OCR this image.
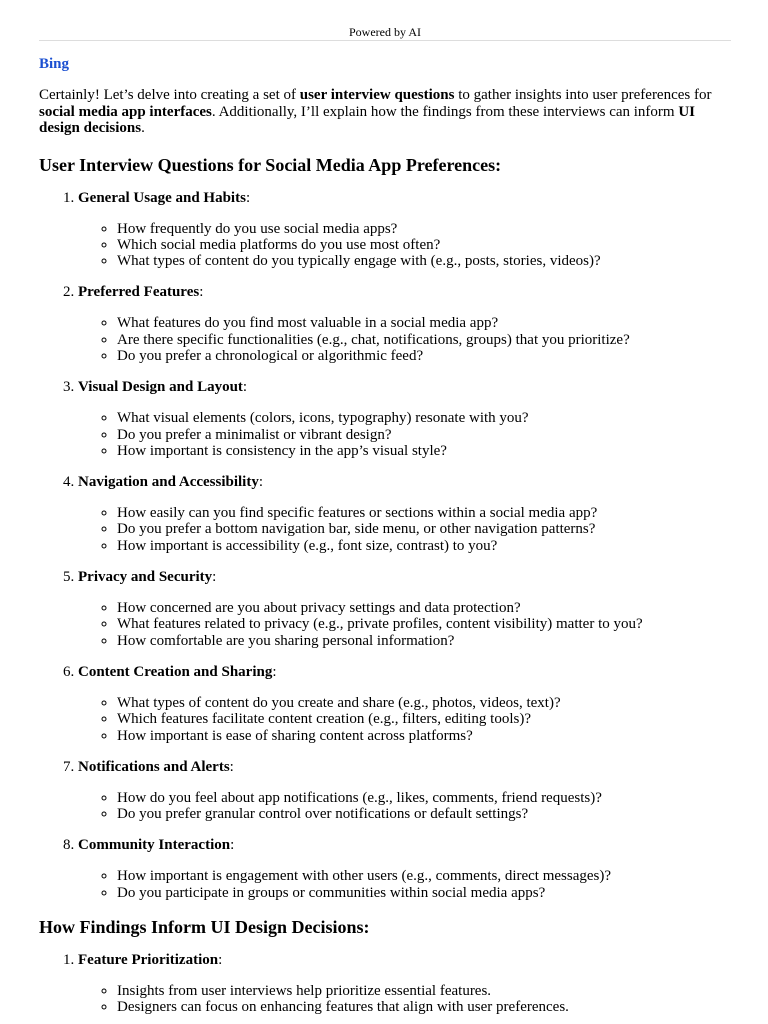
Powered by AI
Bing

Certainly! Let’s delve into creating a set of user interview questions to gather insights into user preferences for social media app interfaces. Additionally, I’ll explain how the findings from these interviews can inform UI design decisions.

User Interview Questions for Social Media App Preferences:
1. General Usage and Habits:
◦ How frequently do you use social media apps?
◦ Which social media platforms do you use most often?
◦ What types of content do you typically engage with (e.g., posts, stories, videos)?
2. Preferred Features:
◦ What features do you find most valuable in a social media app?
◦ Are there specific functionalities (e.g., chat, notifications, groups) that you prioritize?
◦ Do you prefer a chronological or algorithmic feed?
3. Visual Design and Layout:
◦ What visual elements (colors, icons, typography) resonate with you?
◦ Do you prefer a minimalist or vibrant design?
◦ How important is consistency in the app’s visual style?
4. Navigation and Accessibility:
◦ How easily can you find specific features or sections within a social media app?
◦ Do you prefer a bottom navigation bar, side menu, or other navigation patterns?
◦ How important is accessibility (e.g., font size, contrast) to you?
5. Privacy and Security:
◦ How concerned are you about privacy settings and data protection?
◦ What features related to privacy (e.g., private profiles, content visibility) matter to you?
◦ How comfortable are you sharing personal information?
6. Content Creation and Sharing:
◦ What types of content do you create and share (e.g., photos, videos, text)?
◦ Which features facilitate content creation (e.g., filters, editing tools)?
◦ How important is ease of sharing content across platforms?
7. Notifications and Alerts:
◦ How do you feel about app notifications (e.g., likes, comments, friend requests)?
◦ Do you prefer granular control over notifications or default settings?
8. Community Interaction:
◦ How important is engagement with other users (e.g., comments, direct messages)?
◦ Do you participate in groups or communities within social media apps?
How Findings Inform UI Design Decisions:
1. Feature Prioritization:
◦ Insights from user interviews help prioritize essential features.
◦ Designers can focus on enhancing features that align with user preferences.
